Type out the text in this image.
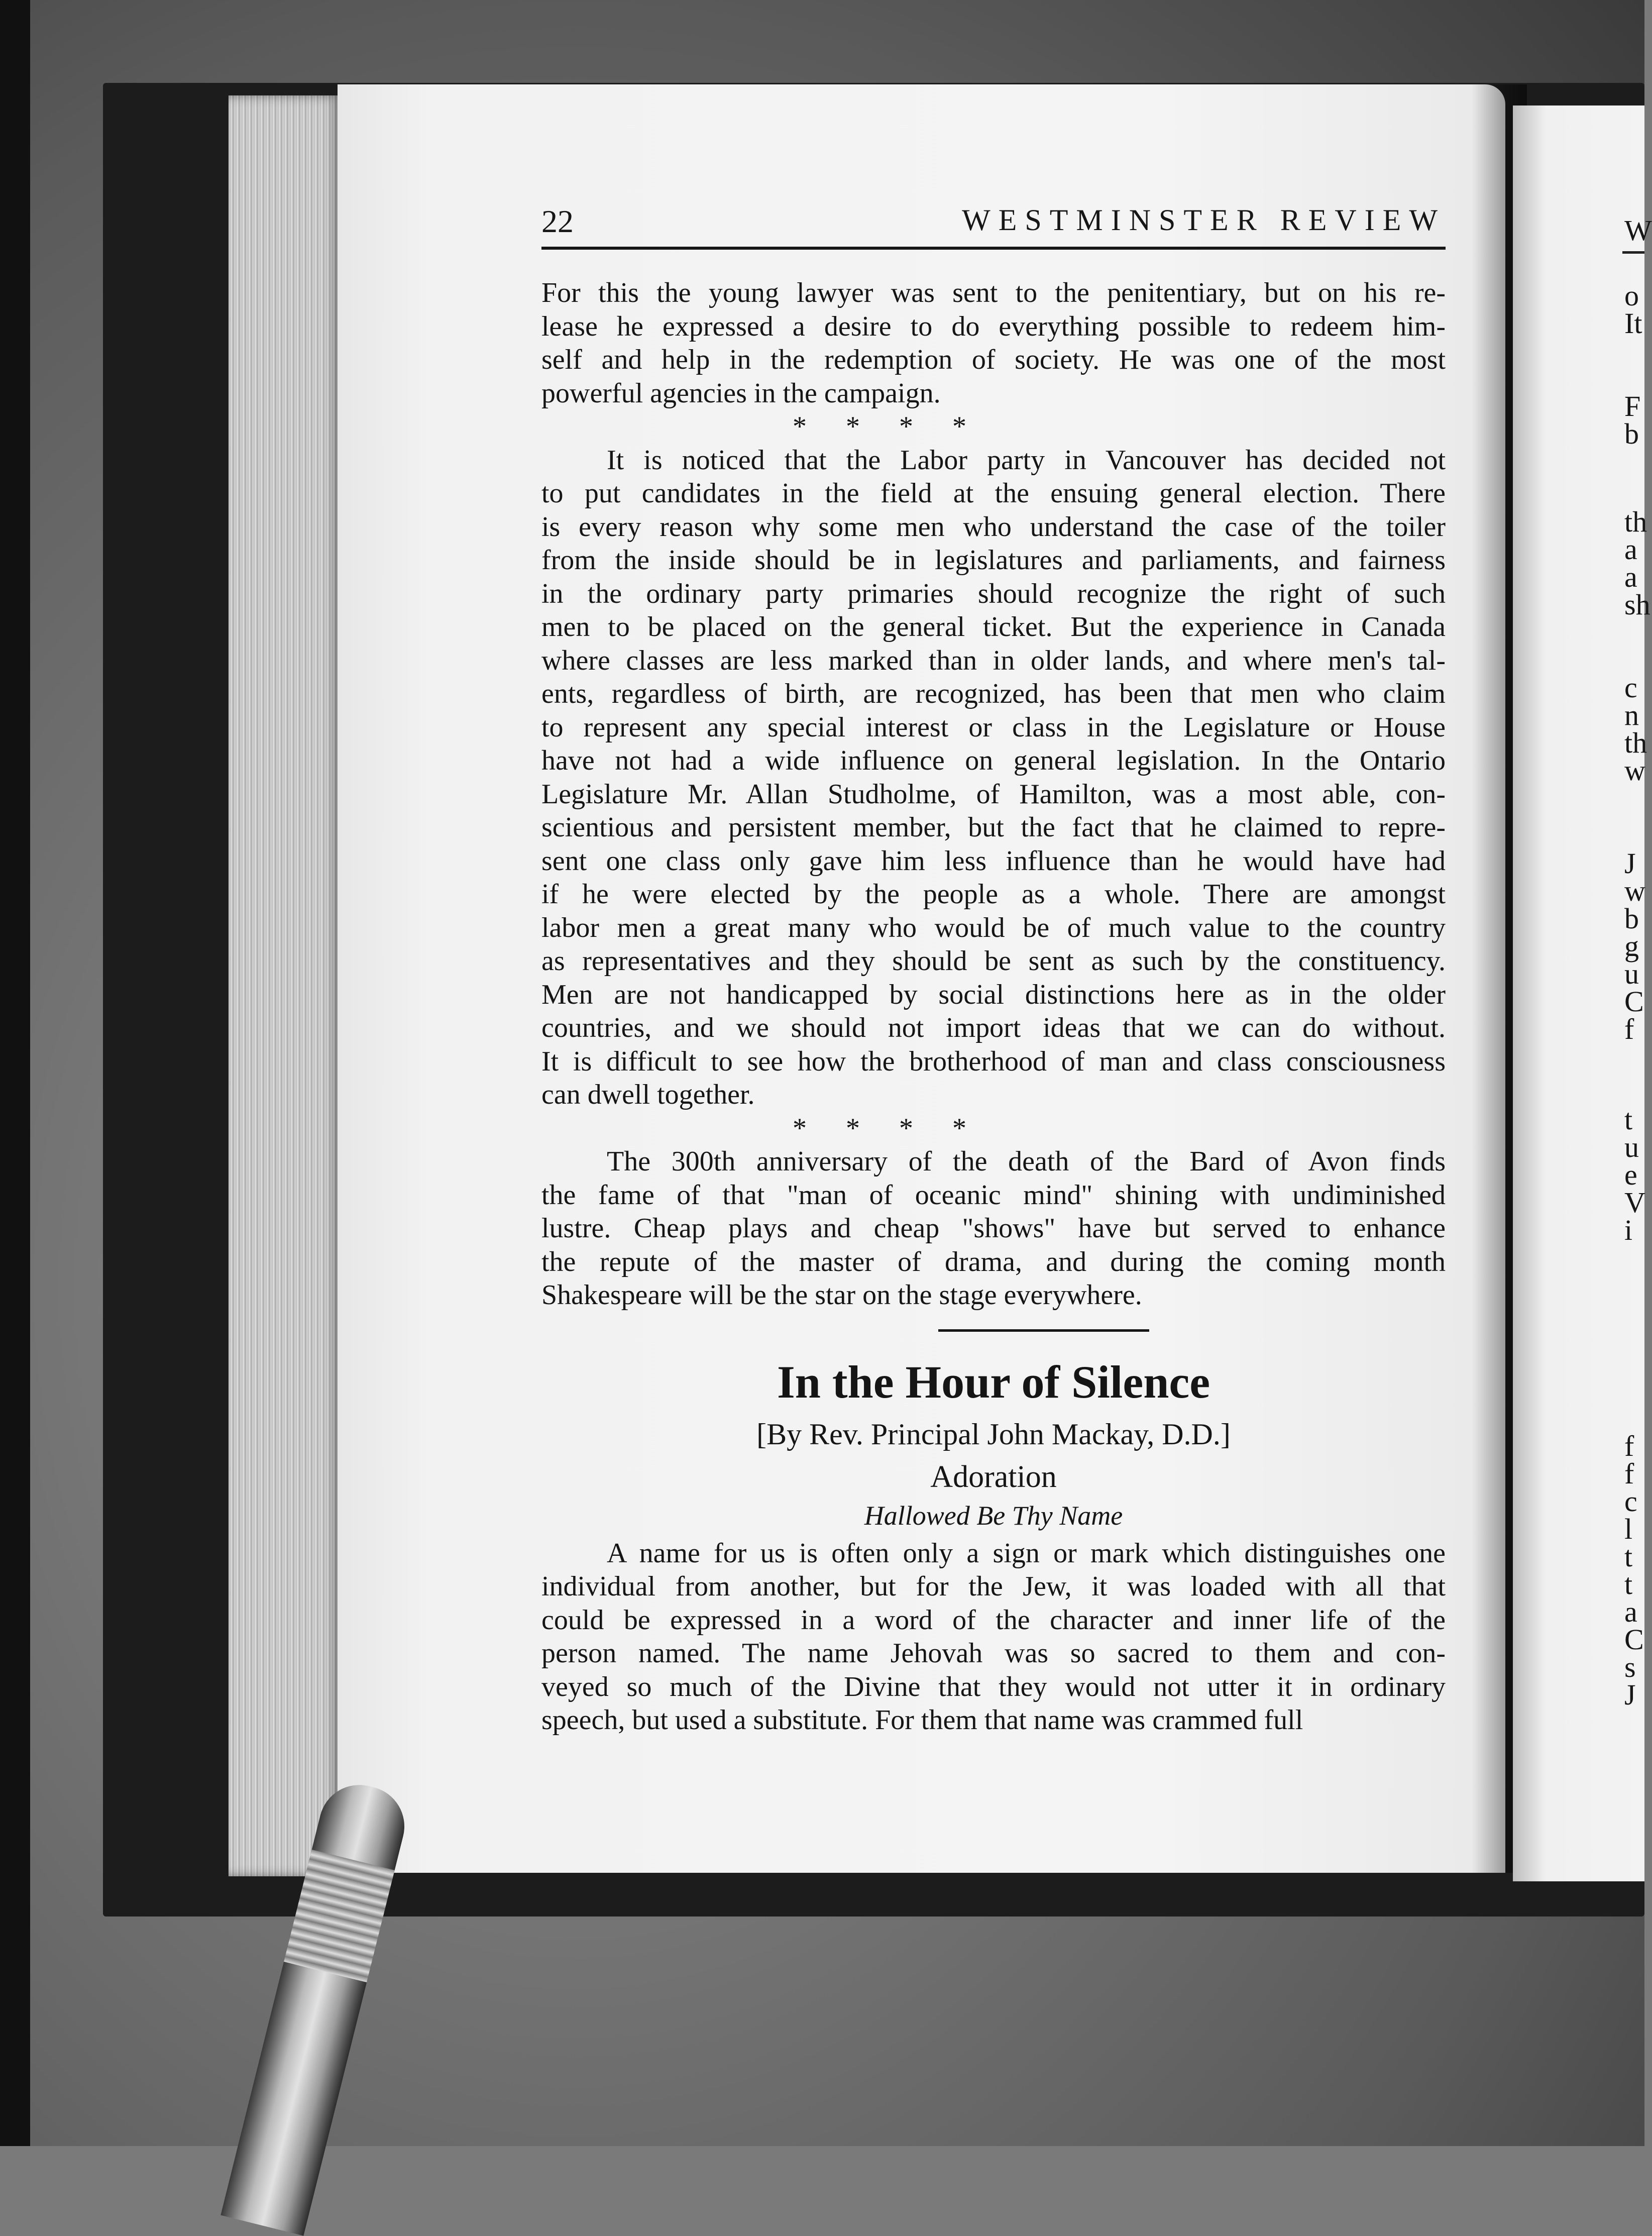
W
o
It
F
b
th
a
a
sh
c
n
th
w
J
w
b
g
u
C
f
t
u
e
V
i
f
f
c
l
t
t
a
C
s
J
22	WESTMINSTER REVIEW

For this the young lawyer was sent to the penitentiary, but on his re-

lease he expressed a desire to do everything possible to redeem him-

self and help in the redemption of society. He was one of the most

powerful agencies in the campaign.

* * * *

It is noticed that the Labor party in Vancouver has decided not

to put candidates in the field at the ensuing general election. There

is every reason why some men who understand the case of the toiler

from the inside should be in legislatures and parliaments, and fairness

in the ordinary party primaries should recognize the right of such

men to be placed on the general ticket. But the experience in Canada

where classes are less marked than in older lands, and where men's tal-

ents, regardless of birth, are recognized, has been that men who claim

to represent any special interest or class in the Legislature or House

have not had a wide influence on general legislation. In the Ontario

Legislature Mr. Allan Studholme, of Hamilton, was a most able, con-

scientious and persistent member, but the fact that he claimed to repre-

sent one class only gave him less influence than he would have had

if he were elected by the people as a whole. There are amongst

labor men a great many who would be of much value to the country

as representatives and they should be sent as such by the constituency.

Men are not handicapped by social distinctions here as in the older

countries, and we should not import ideas that we can do without.

It is difficult to see how the brotherhood of man and class consciousness

can dwell together.

* * * *

The 300th anniversary of the death of the Bard of Avon finds

the fame of that "man of oceanic mind" shining with undiminished

lustre. Cheap plays and cheap "shows" have but served to enhance

the repute of the master of drama, and during the coming month

Shakespeare will be the star on the stage everywhere.

In the Hour of Silence

[By Rev. Principal John Mackay, D.D.]

Adoration

Hallowed Be Thy Name

A name for us is often only a sign or mark which distinguishes one

individual from another, but for the Jew, it was loaded with all that

could be expressed in a word of the character and inner life of the

person named. The name Jehovah was so sacred to them and con-

veyed so much of the Divine that they would not utter it in ordinary

speech, but used a substitute. For them that name was crammed full
